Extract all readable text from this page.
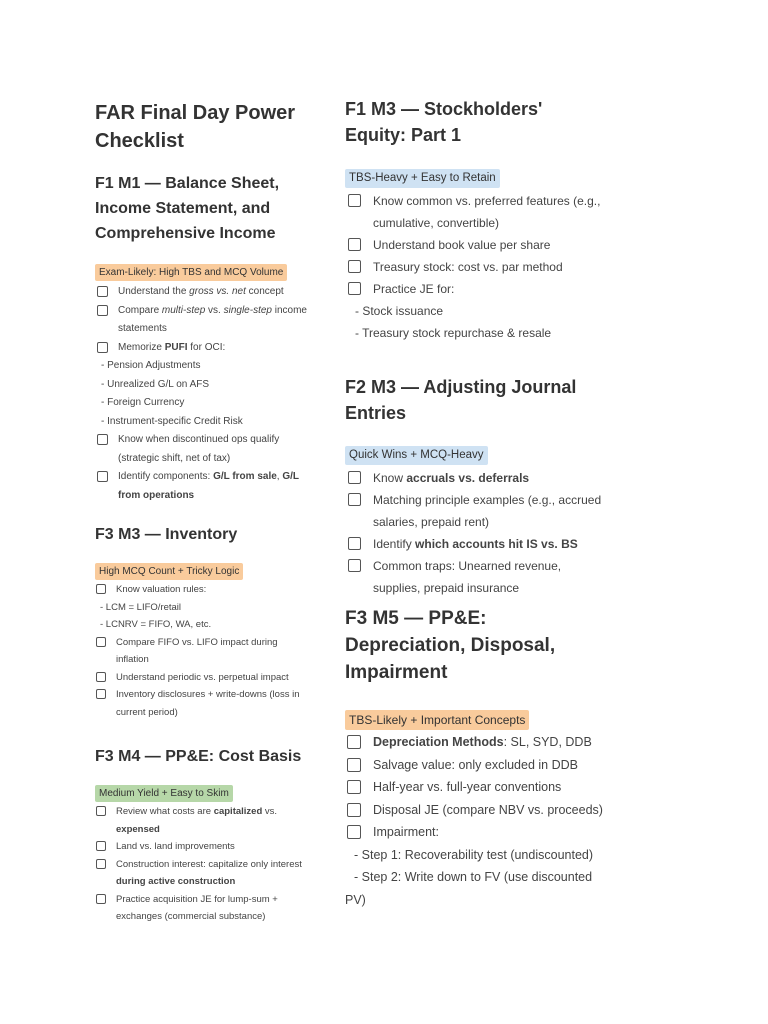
FAR Final Day Power Checklist
F1 M1 — Balance Sheet, Income Statement, and Comprehensive Income
Exam-Likely: High TBS and MCQ Volume
Understand the gross vs. net concept
Compare multi-step vs. single-step income statements
Memorize PUFI for OCI:
- Pension Adjustments
- Unrealized G/L on AFS
- Foreign Currency
- Instrument-specific Credit Risk
Know when discontinued ops qualify (strategic shift, net of tax)
Identify components: G/L from sale, G/L from operations
F3 M3 — Inventory
High MCQ Count + Tricky Logic
Know valuation rules:
- LCM = LIFO/retail
- LCNRV = FIFO, WA, etc.
Compare FIFO vs. LIFO impact during inflation
Understand periodic vs. perpetual impact
Inventory disclosures + write-downs (loss in current period)
F3 M4 — PP&E: Cost Basis
Medium Yield + Easy to Skim
Review what costs are capitalized vs. expensed
Land vs. land improvements
Construction interest: capitalize only interest during active construction
Practice acquisition JE for lump-sum + exchanges (commercial substance)
F1 M3 — Stockholders' Equity: Part 1
TBS-Heavy + Easy to Retain
Know common vs. preferred features (e.g., cumulative, convertible)
Understand book value per share
Treasury stock: cost vs. par method
Practice JE for:
- Stock issuance
- Treasury stock repurchase & resale
F2 M3 — Adjusting Journal Entries
Quick Wins + MCQ-Heavy
Know accruals vs. deferrals
Matching principle examples (e.g., accrued salaries, prepaid rent)
Identify which accounts hit IS vs. BS
Common traps: Unearned revenue, supplies, prepaid insurance
F3 M5 — PP&E: Depreciation, Disposal, Impairment
TBS-Likely + Important Concepts
Depreciation Methods: SL, SYD, DDB
Salvage value: only excluded in DDB
Half-year vs. full-year conventions
Disposal JE (compare NBV vs. proceeds)
Impairment:
- Step 1: Recoverability test (undiscounted)
- Step 2: Write down to FV (use discounted
PV)
